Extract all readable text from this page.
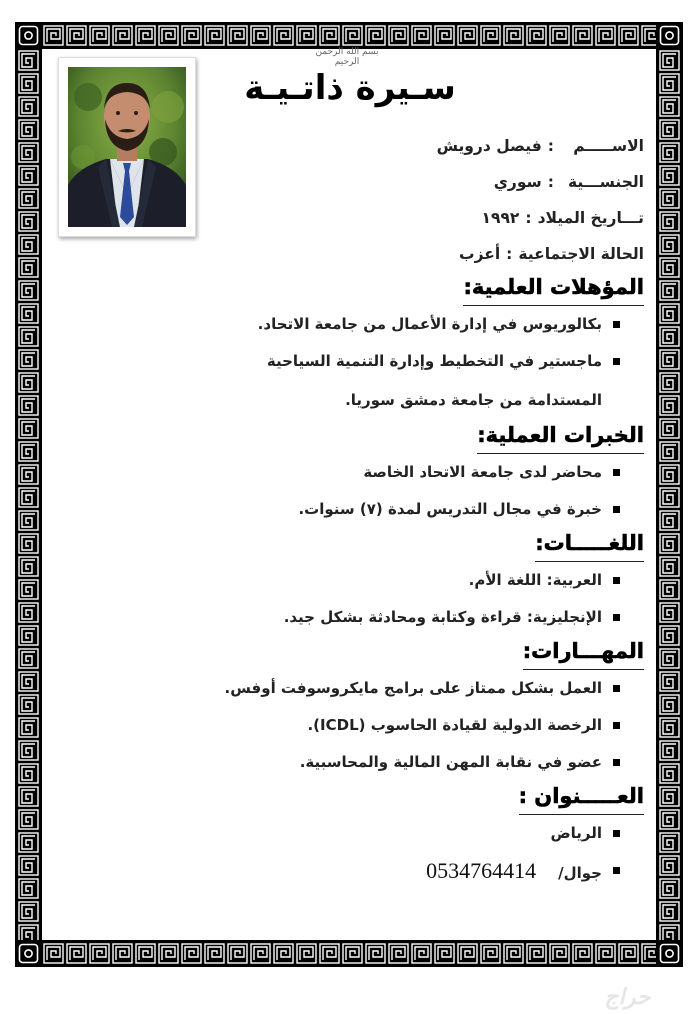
بسم الله الرحمن الرحيم
سـيرة ذاتـيـة
الاســـــم:فيصل درويش
الجنســـية:سوري
تـــاريخ الميلاد:١٩٩٢
الحالة الاجتماعية:أعزب
المؤهلات العلمية:
بكالوريوس في إدارة الأعمال من جامعة الاتحاد.
ماجستير في التخطيط وإدارة التنمية السياحية
المستدامة من جامعة دمشق سوريا.
الخبرات العملية:
محاضر لدى جامعة الاتحاد الخاصة
خبرة في مجال التدريس لمدة (٧) سنوات.
اللغـــــات:
العربية: اللغة الأم.
الإنجليزية: قراءة وكتابة ومحادثة بشكل جيد.
المهـــارات:
العمل بشكل ممتاز على برامج مايكروسوفت أوفس.
الرخصة الدولية لقيادة الحاسوب (ICDL).
عضو في نقابة المهن المالية والمحاسبية.
العـــــنوان :
الرياض
جوال/0534764414
حراج
